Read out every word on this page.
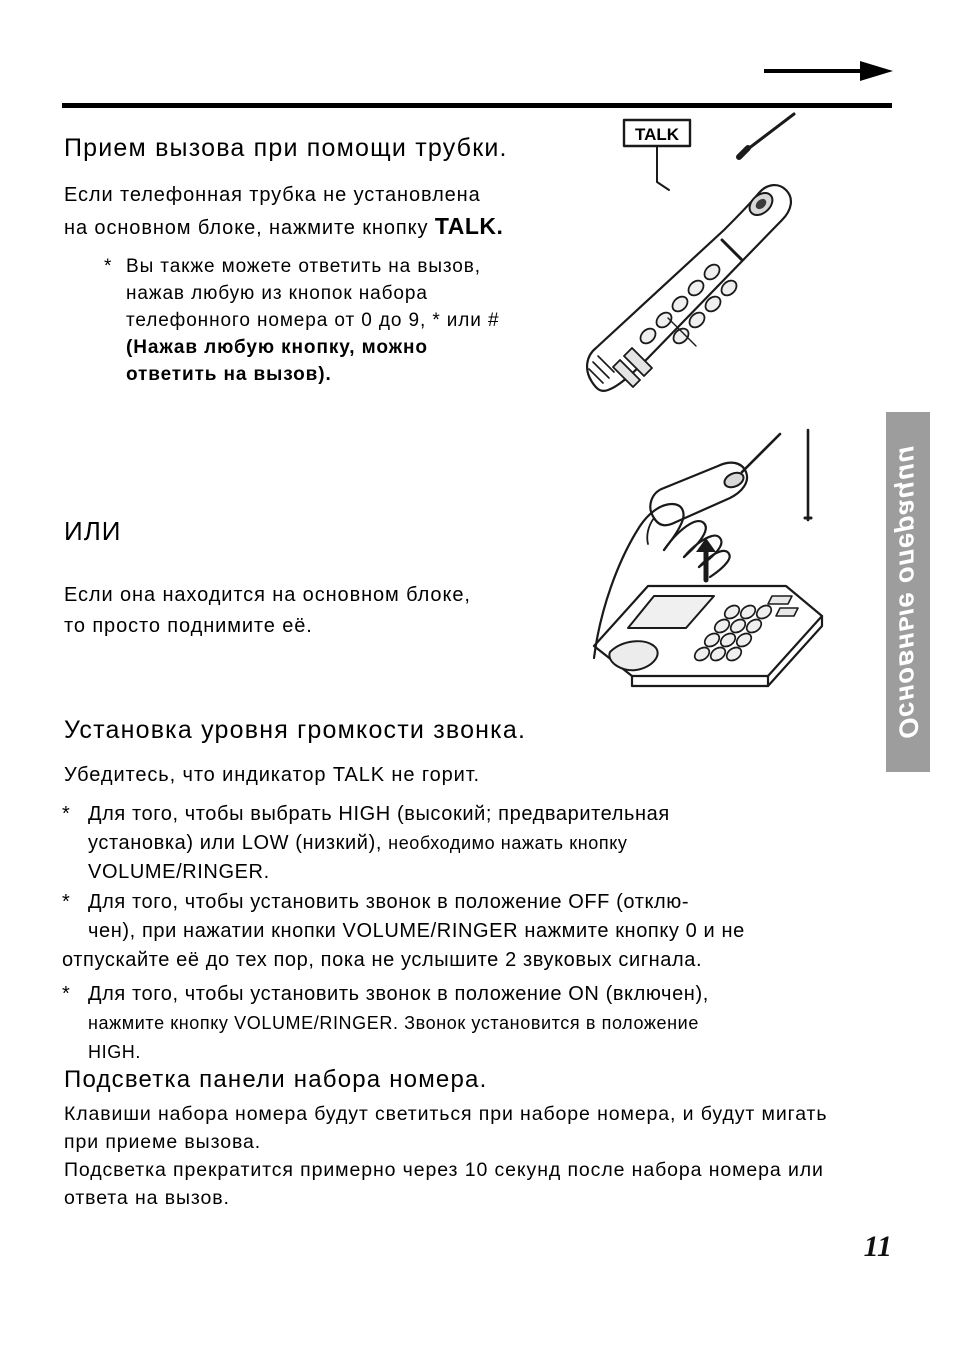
Основные операции
Прием вызова при помощи трубки.
Если телефонная трубка не установлена
на основном блоке, нажмите кнопку TALK.
* Вы также можете ответить на вызов,
нажав любую из кнопок набора
телефонного номера от 0 до 9, * или #
(Нажав любую кнопку, можно
ответить на вызов).
ИЛИ
Если она находится на основном блоке,
то просто поднимите её.
Установка уровня громкости звонка.
Убедитесь, что индикатор TALK не горит.
* Для того, чтобы выбрать HIGH (высокий; предварительная
установка) или LOW (низкий), необходимо нажать кнопку
VOLUME/RINGER.
* Для того, чтобы установить звонок в положение OFF (отклю-
чен), при нажатии кнопки VOLUME/RINGER нажмите кнопку 0 и не
отпускайте её до тех пор, пока не услышите 2 звуковых сигнала.
* Для того, чтобы установить звонок в положение ON (включен),
нажмите кнопку VOLUME/RINGER. Звонок установится в положение
HIGH.
Подсветка панели набора номера.
Клавиши набора номера будут светиться при наборе номера, и будут мигать
при приеме вызова.
Подсветка прекратится примерно через 10 секунд после набора номера или
ответа на вызов.
11
TALK
